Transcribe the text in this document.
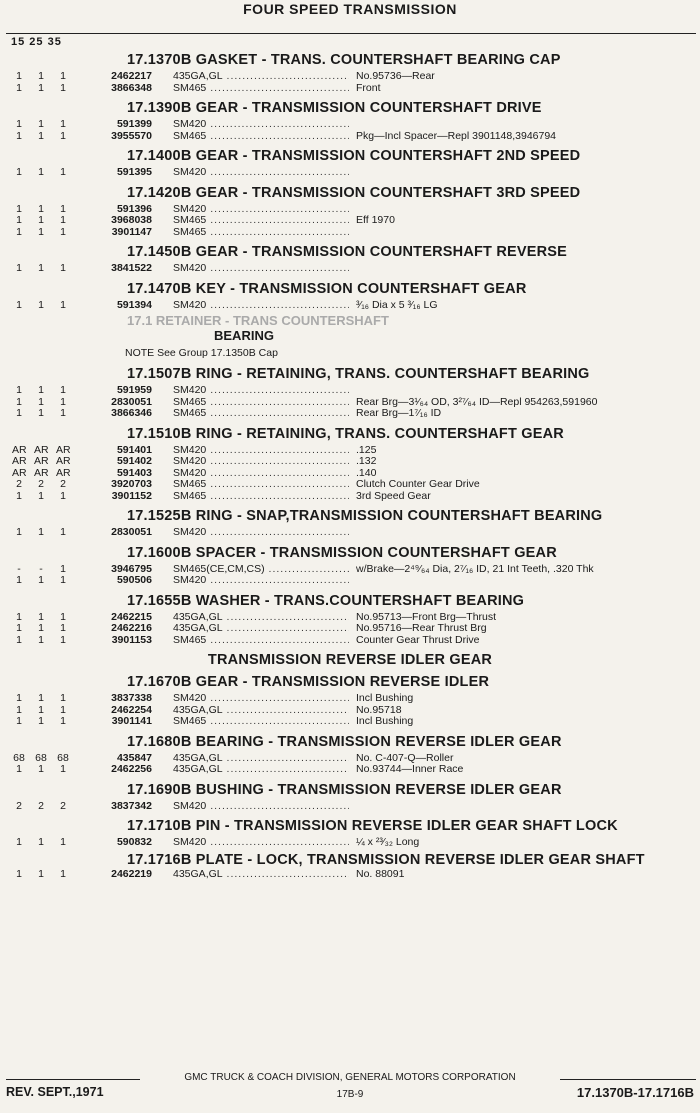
FOUR SPEED TRANSMISSION
15 25 35
17.1370B GASKET - TRANS. COUNTERSHAFT BEARING CAP
1	1	1	2462217 435GA,GL .....	No.95736—Rear
1	1	1	3866348 SM465 .....	Front
17.1390B GEAR - TRANSMISSION COUNTERSHAFT DRIVE
1	1	1	591399 SM420 .....
1	1	1	3955570 SM465 .....	Pkg—Incl Spacer—Repl 3901148,3946794
17.1400B GEAR - TRANSMISSION COUNTERSHAFT 2ND SPEED
1	1	1	591395 SM420 .....
17.1420B GEAR - TRANSMISSION COUNTERSHAFT 3RD SPEED
1	1	1	591396 SM420 .....
1	1	1	3968038 SM465 .....	Eff 1970
1	1	1	3901147 SM465 .....
17.1450B GEAR - TRANSMISSION COUNTERSHAFT REVERSE
1	1	1	3841522 SM420 .....
17.1470B KEY - TRANSMISSION COUNTERSHAFT GEAR
1	1	1	591394 SM420 .....	³⁄₁₆ Dia x 5 ³⁄₁₆ LG
17.1 RETAINER - TRANS COUNTERSHAFT
BEARING
NOTE See Group 17.1350B Cap
17.1507B RING - RETAINING, TRANS. COUNTERSHAFT BEARING
1	1	1	591959 SM420 .....
1	1	1	2830051 SM465 .....	Rear Brg—3¹⁄₆₄ OD, 3²⁷⁄₆₄ ID—Repl 954263,591960
1	1	1	3866346 SM465 .....	Rear Brg—1⁷⁄₁₆ ID
17.1510B RING - RETAINING, TRANS. COUNTERSHAFT GEAR
AR AR AR	591401 SM420 .....	.125
AR AR AR	591402 SM420 .....	.132
AR AR AR	591403 SM420 .....	.140
2	2	2	3920703 SM465 .....	Clutch Counter Gear Drive
1	1	1	3901152 SM465 .....	3rd Speed Gear
17.1525B RING - SNAP,TRANSMISSION COUNTERSHAFT BEARING
1	1	1	2830051 SM420 .....
17.1600B SPACER - TRANSMISSION COUNTERSHAFT GEAR
-	-	1	3946795 SM465(CE,CM,CS) .....	w/Brake—2⁴⁹⁄₆₄ Dia, 2⁷⁄₁₆ ID, 21 Int Teeth, .320 Thk
1	1	1	590506 SM420 .....
17.1655B WASHER - TRANS.COUNTERSHAFT BEARING
1	1	1	2462215 435GA,GL .....	No.95713—Front Brg—Thrust
1	1	1	2462216 435GA,GL .....	No.95716—Rear Thrust Brg
1	1	1	3901153 SM465 .....	Counter Gear Thrust Drive
TRANSMISSION REVERSE IDLER GEAR
17.1670B GEAR - TRANSMISSION REVERSE IDLER
1	1	1	3837338 SM420 .....	Incl Bushing
1	1	1	2462254 435GA,GL .....	No.95718
1	1	1	3901141 SM465 .....	Incl Bushing
17.1680B BEARING - TRANSMISSION REVERSE IDLER GEAR
68 68 68	435847 435GA,GL .....	No. C-407-Q—Roller
1	1	1	2462256 435GA,GL .....	No.93744—Inner Race
17.1690B BUSHING - TRANSMISSION REVERSE IDLER GEAR
2	2	2	3837342 SM420 .....
17.1710B PIN - TRANSMISSION REVERSE IDLER GEAR SHAFT LOCK
1	1	1	590832 SM420 .....	¼ x ²³⁄₃₂ Long
17.1716B PLATE - LOCK, TRANSMISSION REVERSE IDLER GEAR SHAFT
1	1	1	2462219 435GA,GL .....	No. 88091
GMC TRUCK & COACH DIVISION, GENERAL MOTORS CORPORATION
REV. SEPT.,1971	17B-9	17.1370B-17.1716B
